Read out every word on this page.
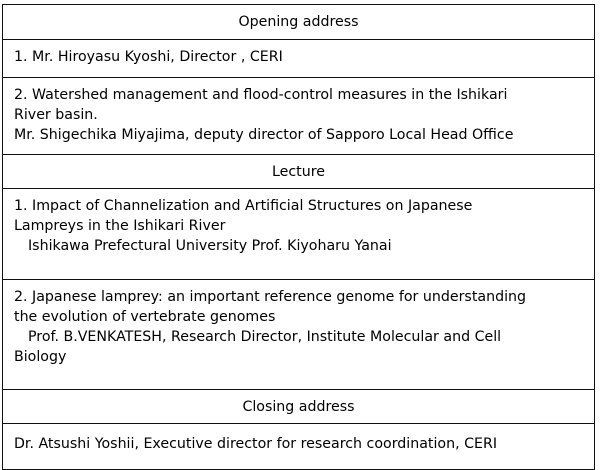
Opening address
1. Mr. Hiroyasu Kyoshi, Director , CERI
2. Watershed management and flood-control measures in the Ishikari
River basin.
Mr. Shigechika Miyajima, deputy director of Sapporo Local Head Office
Lecture
1. Impact of Channelization and Artificial Structures on Japanese
Lampreys in the Ishikari River
Ishikawa Prefectural University Prof. Kiyoharu Yanai
2. Japanese lamprey: an important reference genome for understanding
the evolution of vertebrate genomes
Prof. B.VENKATESH, Research Director, Institute Molecular and Cell
Biology
Closing address
Dr. Atsushi Yoshii, Executive director for research coordination, CERI
